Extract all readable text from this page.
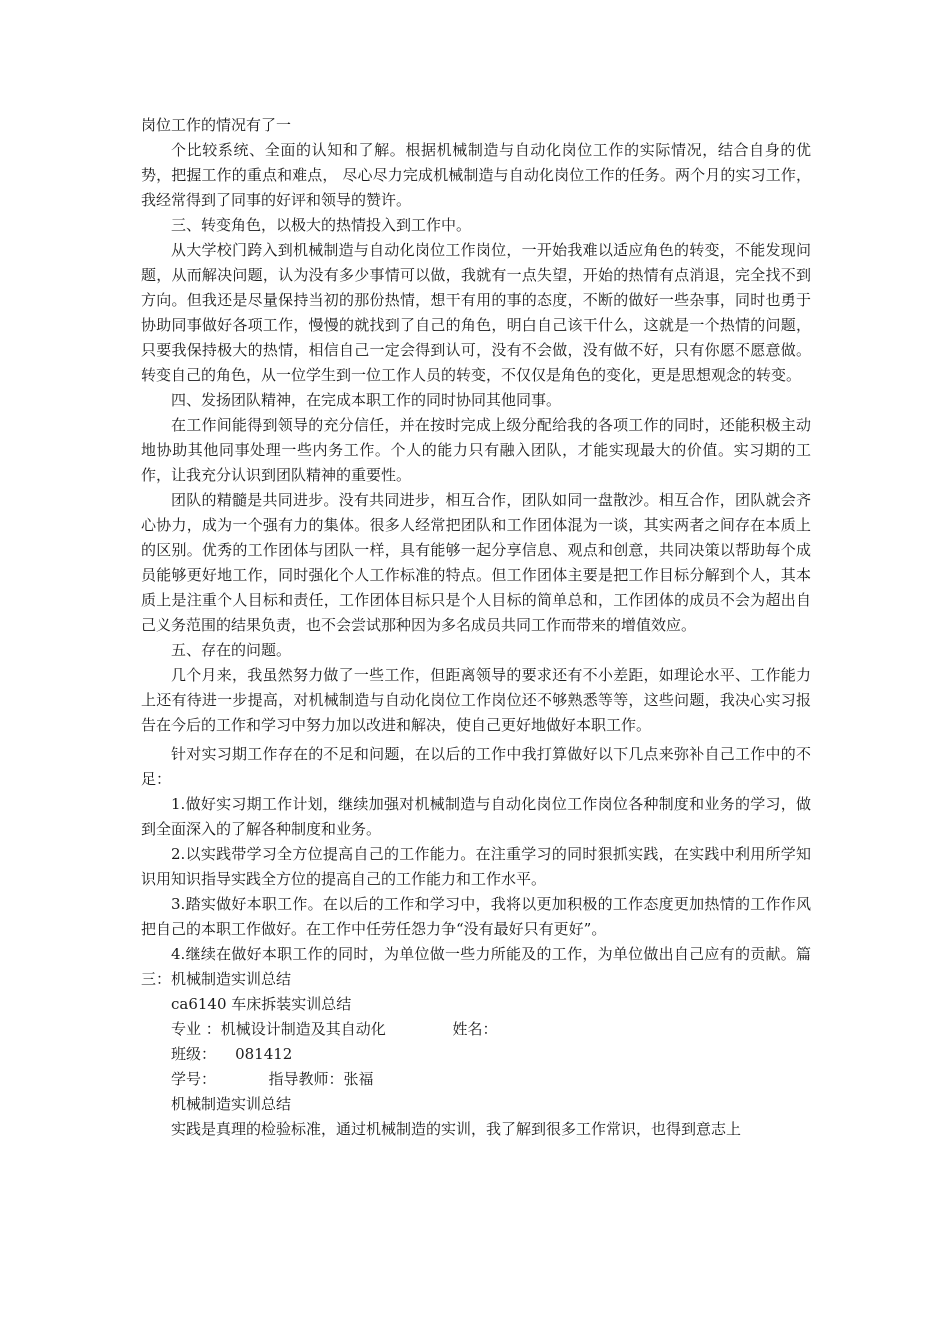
岗位工作的情况有了一

个比较系统、全面的认知和了解。根据机械制造与自动化岗位工作的实际情况，结合自身的优势，把握工作的重点和难点， 尽心尽力完成机械制造与自动化岗位工作的任务。两个月的实习工作，我经常得到了同事的好评和领导的赞许。

三、转变角色，以极大的热情投入到工作中。

从大学校门跨入到机械制造与自动化岗位工作岗位，一开始我难以适应角色的转变，不能发现问题，从而解决问题，认为没有多少事情可以做，我就有一点失望，开始的热情有点消退，完全找不到方向。但我还是尽量保持当初的那份热情，想干有用的事的态度，不断的做好一些杂事，同时也勇于协助同事做好各项工作，慢慢的就找到了自己的角色，明白自己该干什么，这就是一个热情的问题，只要我保持极大的热情，相信自己一定会得到认可，没有不会做，没有做不好，只有你愿不愿意做。转变自己的角色，从一位学生到一位工作人员的转变，不仅仅是角色的变化，更是思想观念的转变。

四、发扬团队精神，在完成本职工作的同时协同其他同事。

在工作间能得到领导的充分信任，并在按时完成上级分配给我的各项工作的同时，还能积极主动地协助其他同事处理一些内务工作。个人的能力只有融入团队，才能实现最大的价值。实习期的工作，让我充分认识到团队精神的重要性。

团队的精髓是共同进步。没有共同进步，相互合作，团队如同一盘散沙。相互合作，团队就会齐心协力，成为一个强有力的集体。很多人经常把团队和工作团体混为一谈，其实两者之间存在本质上的区别。优秀的工作团体与团队一样，具有能够一起分享信息、观点和创意，共同决策以帮助每个成员能够更好地工作，同时强化个人工作标准的特点。但工作团体主要是把工作目标分解到个人，其本质上是注重个人目标和责任，工作团体目标只是个人目标的简单总和，工作团体的成员不会为超出自己义务范围的结果负责，也不会尝试那种因为多名成员共同工作而带来的增值效应。

五、存在的问题。

几个月来，我虽然努力做了一些工作，但距离领导的要求还有不小差距，如理论水平、工作能力上还有待进一步提高，对机械制造与自动化岗位工作岗位还不够熟悉等等，这些问题，我决心实习报告在今后的工作和学习中努力加以改进和解决，使自己更好地做好本职工作。

针对实习期工作存在的不足和问题，在以后的工作中我打算做好以下几点来弥补自己工作中的不足：

1.做好实习期工作计划，继续加强对机械制造与自动化岗位工作岗位各种制度和业务的学习，做到全面深入的了解各种制度和业务。

2.以实践带学习全方位提高自己的工作能力。在注重学习的同时狠抓实践，在实践中利用所学知识用知识指导实践全方位的提高自己的工作能力和工作水平。

3.踏实做好本职工作。在以后的工作和学习中，我将以更加积极的工作态度更加热情的工作作风把自己的本职工作做好。在工作中任劳任怨力争“没有最好只有更好”。

4.继续在做好本职工作的同时，为单位做一些力所能及的工作，为单位做出自己应有的贡献。篇三：机械制造实训总结

ca6140 车床拆装实训总结

专业 ：机械设计制造及其自动化              姓名：

班级：    081412

学号：           指导教师：张福

机械制造实训总结

实践是真理的检验标准，通过机械制造的实训，我了解到很多工作常识，也得到意志上
